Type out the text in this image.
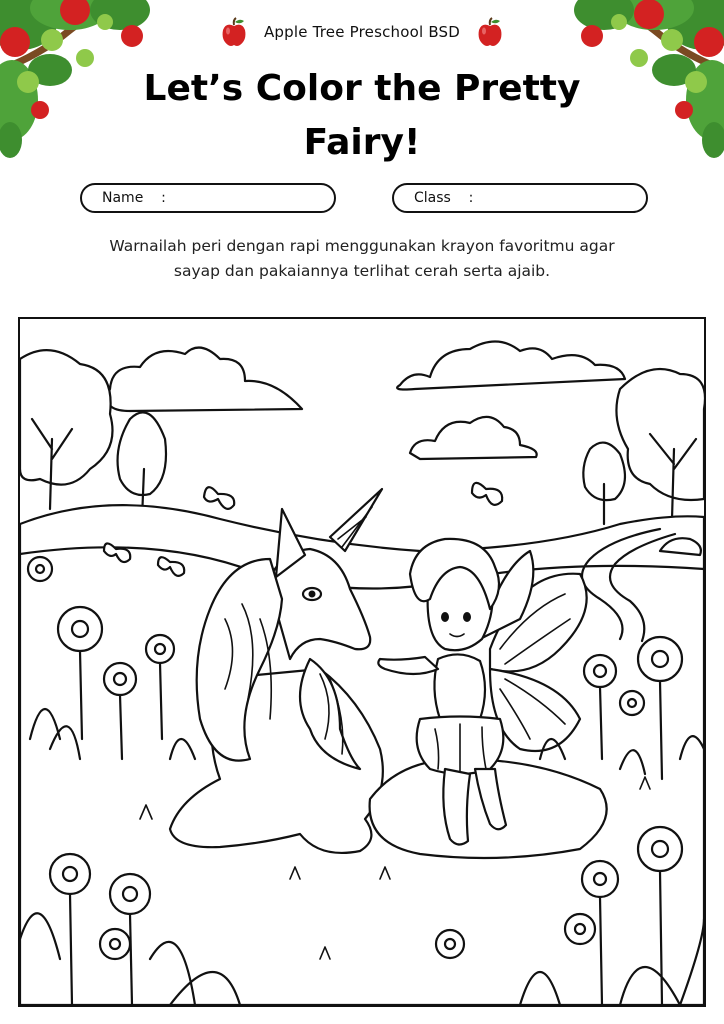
Apple Tree Preschool BSD
Let’s Color the Pretty
Fairy!
Name    :	Class    :
Warnailah peri dengan rapi menggunakan krayon favoritmu agar
sayap dan pakaiannya terlihat cerah serta ajaib.
